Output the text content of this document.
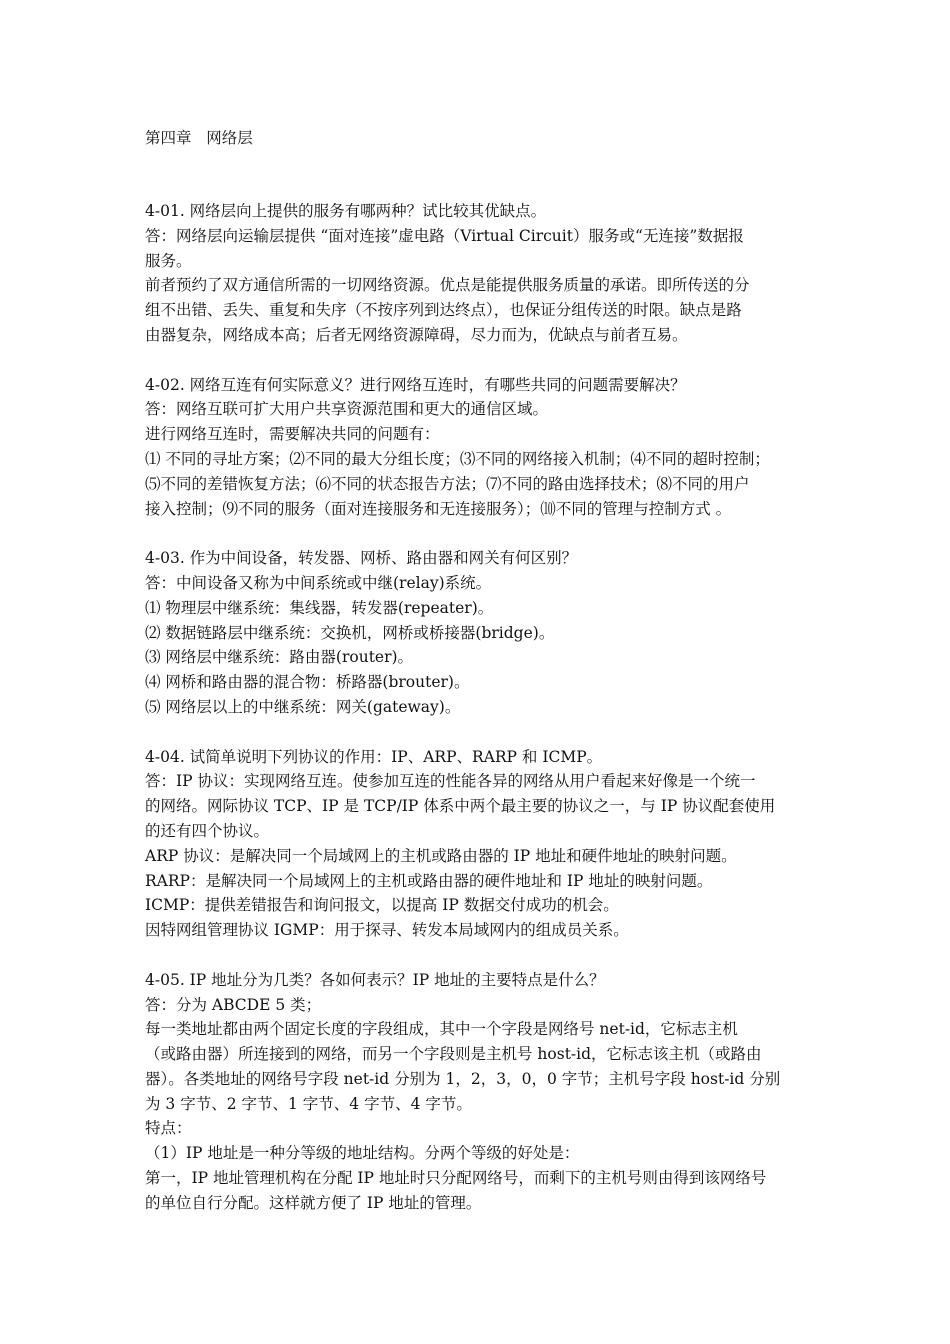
第四章   网络层
4-01. 网络层向上提供的服务有哪两种？试比较其优缺点。
答：网络层向运输层提供 “面对连接”虚电路（Virtual Circuit）服务或“无连接”数据报
服务。
前者预约了双方通信所需的一切网络资源。优点是能提供服务质量的承诺。即所传送的分
组不出错、丢失、重复和失序（不按序列到达终点），也保证分组传送的时限。缺点是路
由器复杂，网络成本高；后者无网络资源障碍，尽力而为，优缺点与前者互易。
4-02. 网络互连有何实际意义？进行网络互连时，有哪些共同的问题需要解决？
答：网络互联可扩大用户共享资源范围和更大的通信区域。
进行网络互连时，需要解决共同的问题有：
⑴ 不同的寻址方案；⑵不同的最大分组长度；⑶不同的网络接入机制；⑷不同的超时控制；
⑸不同的差错恢复方法；⑹不同的状态报告方法；⑺不同的路由选择技术；⑻不同的用户
接入控制；⑼不同的服务（面对连接服务和无连接服务）；⑽不同的管理与控制方式 。
4-03. 作为中间设备，转发器、网桥、路由器和网关有何区别？
答：中间设备又称为中间系统或中继(relay)系统。
⑴ 物理层中继系统：集线器，转发器(repeater)。
⑵ 数据链路层中继系统：交换机，网桥或桥接器(bridge)。
⑶ 网络层中继系统：路由器(router)。
⑷ 网桥和路由器的混合物：桥路器(brouter)。
⑸ 网络层以上的中继系统：网关(gateway)。
4-04. 试简单说明下列协议的作用：IP、ARP、RARP 和 ICMP。
答：IP 协议：实现网络互连。使参加互连的性能各异的网络从用户看起来好像是一个统一
的网络。网际协议 TCP、IP 是 TCP/IP 体系中两个最主要的协议之一，与 IP 协议配套使用
的还有四个协议。
ARP 协议：是解决同一个局域网上的主机或路由器的 IP 地址和硬件地址的映射问题。
RARP：是解决同一个局域网上的主机或路由器的硬件地址和 IP 地址的映射问题。
ICMP：提供差错报告和询问报文，以提高 IP 数据交付成功的机会。
因特网组管理协议 IGMP：用于探寻、转发本局域网内的组成员关系。
4-05. IP 地址分为几类？各如何表示？IP 地址的主要特点是什么？
答：分为 ABCDE 5 类；
每一类地址都由两个固定长度的字段组成，其中一个字段是网络号 net-id，它标志主机
（或路由器）所连接到的网络，而另一个字段则是主机号 host-id，它标志该主机（或路由
器）。各类地址的网络号字段 net-id 分别为 1，2，3，0，0 字节；主机号字段 host-id 分别
为 3 字节、2 字节、1 字节、4 字节、4 字节。
特点：
（1）IP 地址是一种分等级的地址结构。分两个等级的好处是：
第一，IP 地址管理机构在分配 IP 地址时只分配网络号，而剩下的主机号则由得到该网络号
的单位自行分配。这样就方便了 IP 地址的管理。
